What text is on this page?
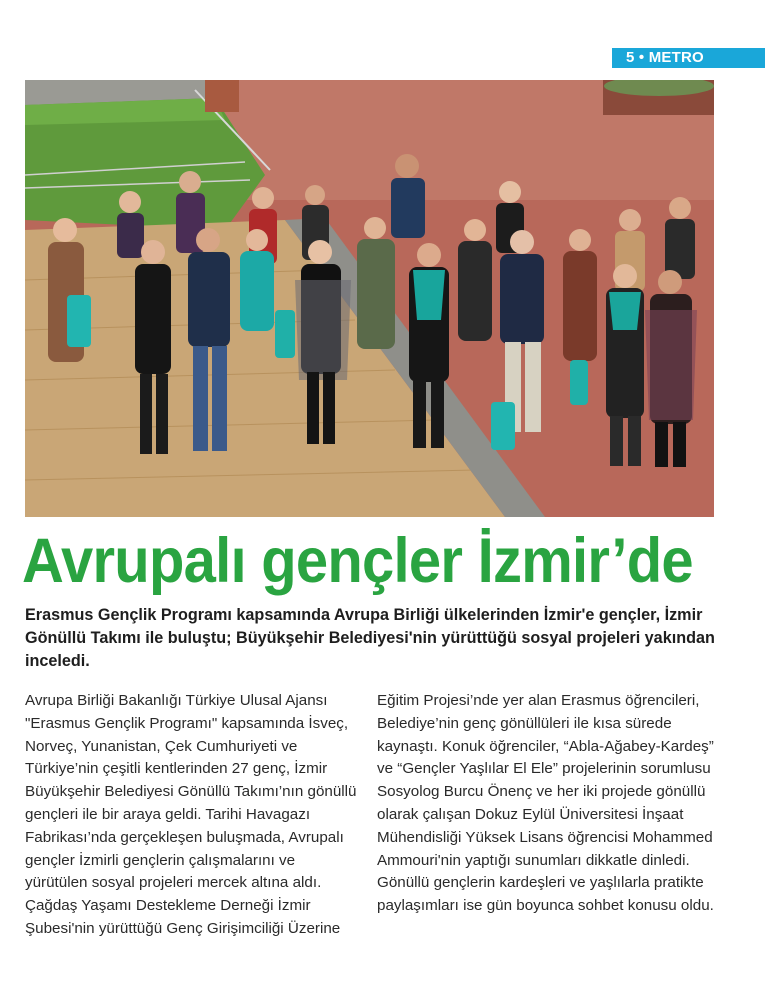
5 • METRO
Avrupalı gençler İzmir’de

Erasmus Gençlik Programı kapsamında Avrupa Birliği ülkelerinden İzmir'e gençler, İzmir Gönüllü Takımı ile buluştu; Büyükşehir Belediyesi'nin yürüttüğü sosyal projeleri yakından inceledi.

Avrupa Birliği Bakanlığı Türkiye Ulusal Ajansı "Erasmus Gençlik Programı" kapsamında İsveç, Norveç, Yunanistan, Çek Cumhuriyeti ve Türkiye’nin çeşitli kentlerinden 27 genç, İzmir Büyükşehir Belediyesi Gönüllü Takımı’nın gönüllü gençleri ile bir araya geldi. Tarihi Havagazı Fabrikası’nda gerçekleşen buluşmada, Avrupalı gençler İzmirli gençlerin çalışmalarını ve yürütülen sosyal projeleri mercek altına aldı.

Çağdaş Yaşamı Destekleme Derneği İzmir Şubesi'nin yürüttüğü Genç Girişimciliği Üzerine

Eğitim Projesi’nde yer alan Erasmus öğrencileri, Belediye’nin genç gönüllüleri ile kısa sürede kaynaştı. Konuk öğrenciler, “Abla-Ağabey-Kardeş” ve “Gençler Yaşlılar El Ele” projelerinin sorumlusu Sosyolog Burcu Önenç ve her iki projede gönüllü olarak çalışan Dokuz Eylül Üniversitesi İnşaat Mühendisliği Yüksek Lisans öğrencisi Mohammed Ammouri'nin yaptığı sunumları dikkatle dinledi. Gönüllü gençlerin kardeşleri ve yaşlılarla pratikte paylaşımları ise gün boyunca sohbet konusu oldu.
